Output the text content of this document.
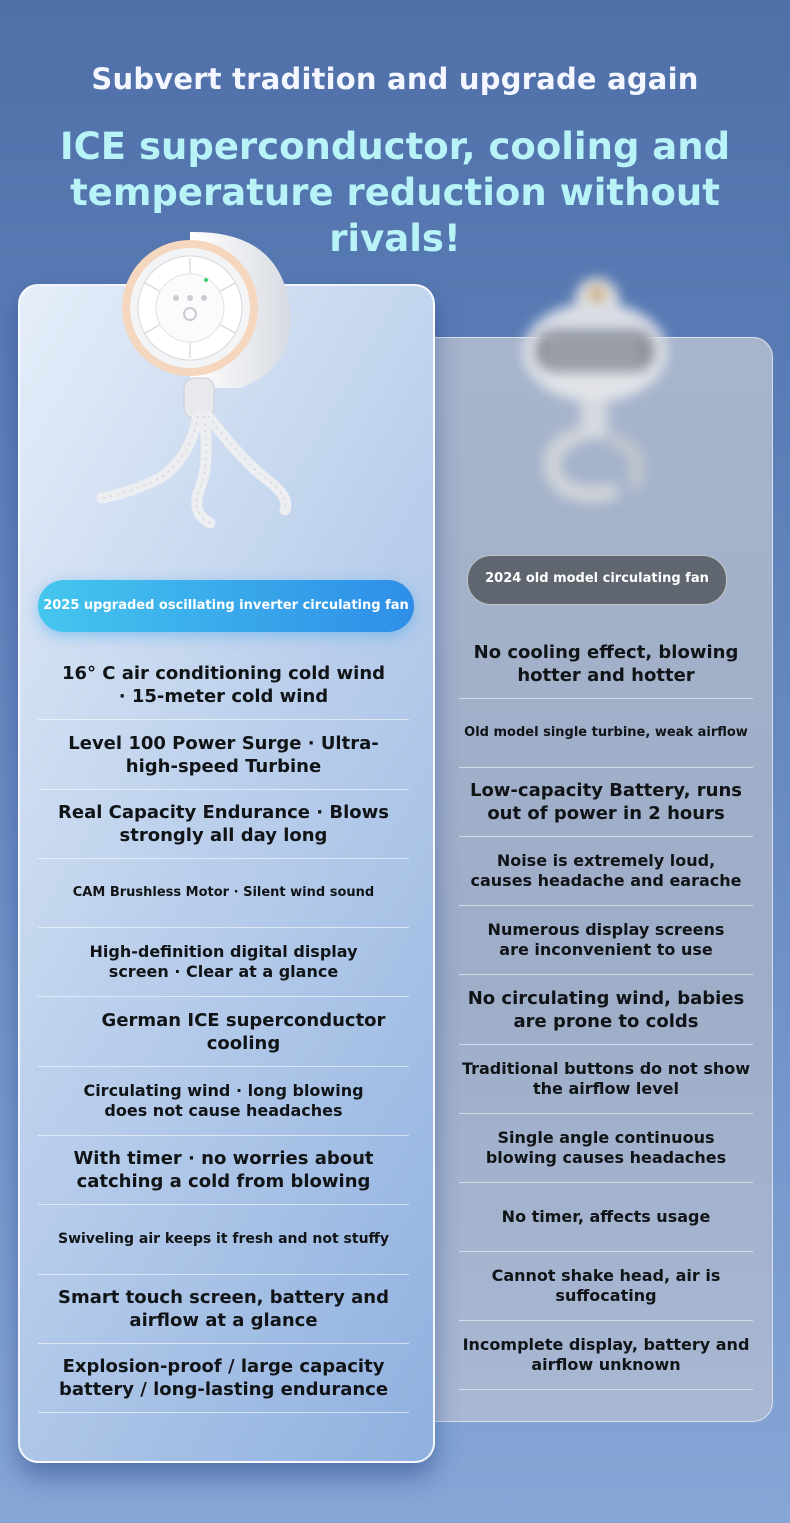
Subvert tradition and upgrade again
ICE superconductor, cooling and
temperature reduction without rivals!
2025 upgraded oscillating inverter circulating fan
2024 old model circulating fan
16° C air conditioning cold wind
· 15-meter cold wind
Level 100 Power Surge · Ultra-
high-speed Turbine
Real Capacity Endurance · Blows
strongly all day long
CAM Brushless Motor · Silent wind sound
High-definition digital display
screen · Clear at a glance
German ICE superconductor cooling
Circulating wind · long blowing
does not cause headaches
With timer · no worries about
catching a cold from blowing
Swiveling air keeps it fresh and not stuffy
Smart touch screen, battery and
airflow at a glance
Explosion-proof / large capacity
battery / long-lasting endurance
No cooling effect, blowing
hotter and hotter
Old model single turbine, weak airflow
Low-capacity Battery, runs
out of power in 2 hours
Noise is extremely loud,
causes headache and earache
Numerous display screens
are inconvenient to use
No circulating wind, babies
are prone to colds
Traditional buttons do not show
the airflow level
Single angle continuous
blowing causes headaches
No timer, affects usage
Cannot shake head, air is
suffocating
Incomplete display, battery and
airflow unknown
